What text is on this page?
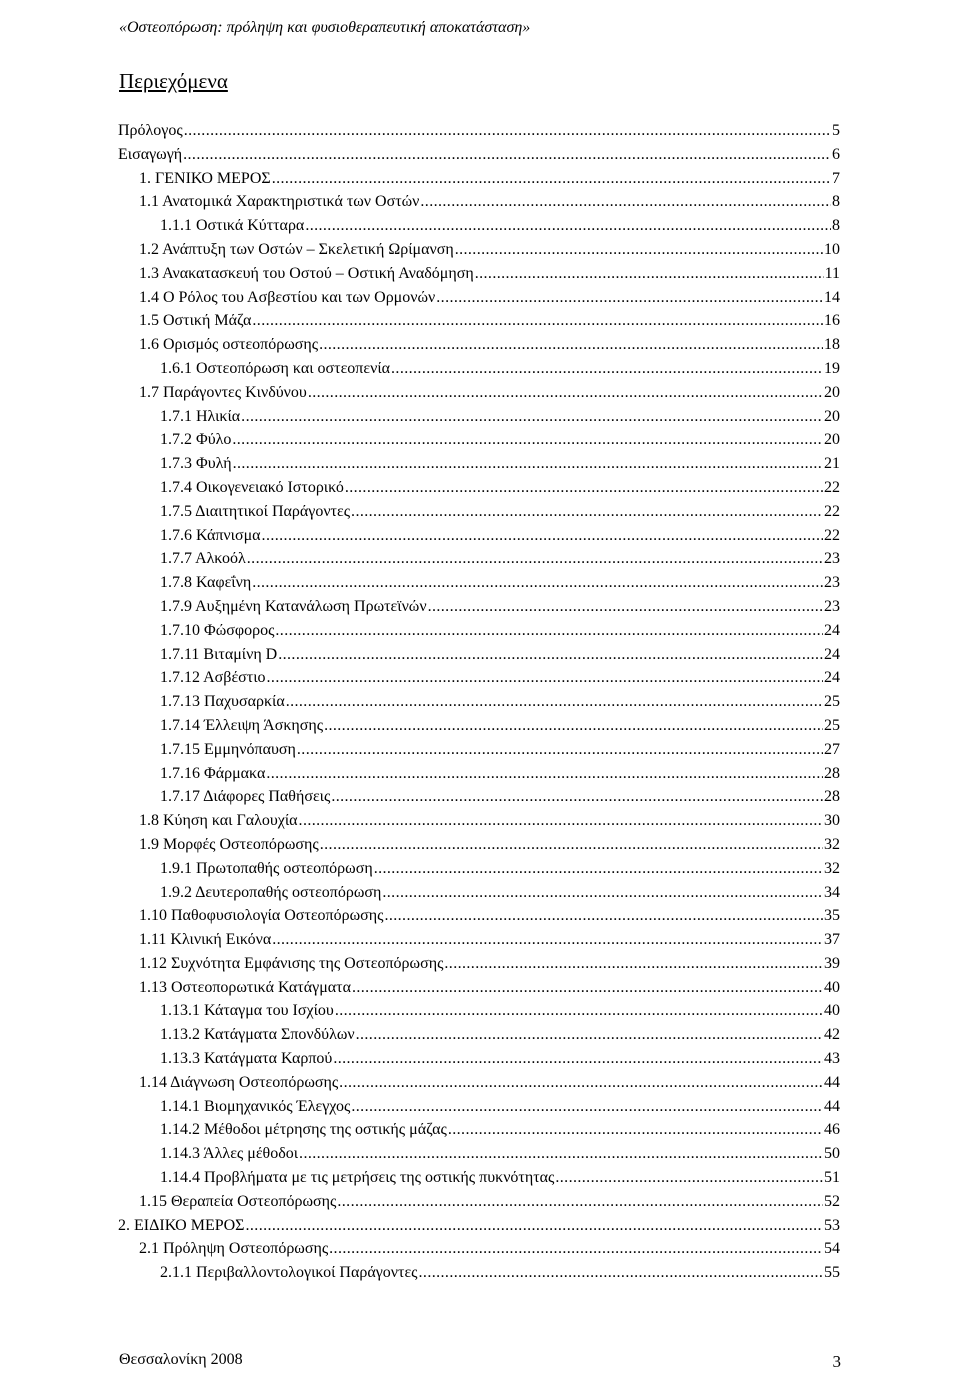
«Οστεοπόρωση: πρόληψη και φυσιοθεραπευτική αποκατάσταση»
Περιεχόμενα
Πρόλογος .....	5
Εισαγωγή .....	6
1. ΓΕΝΙΚΟ ΜΕΡΟΣ .....	7
1.1 Ανατομικά Χαρακτηριστικά των Οστών .....	8
1.1.1 Οστικά Κύτταρα .....	8
1.2 Ανάπτυξη των Οστών – Σκελετική Ωρίμανση .....	10
1.3 Ανακατασκευή του Οστού – Οστική Αναδόμηση .....	11
1.4 Ο Ρόλος του Ασβεστίου και των Ορμονών .....	14
1.5 Οστική Μάζα .....	16
1.6 Ορισμός οστεοπόρωσης .....	18
1.6.1 Οστεοπόρωση και οστεοπενία .....	19
1.7 Παράγοντες Κινδύνου .....	20
1.7.1 Ηλικία .....	20
1.7.2 Φύλο .....	20
1.7.3 Φυλή .....	21
1.7.4 Οικογενειακό Ιστορικό .....	22
1.7.5 Διαιτητικοί Παράγοντες .....	22
1.7.6 Κάπνισμα .....	22
1.7.7 Αλκοόλ .....	23
1.7.8 Καφεΐνη .....	23
1.7.9 Αυξημένη Κατανάλωση Πρωτεϊνών .....	23
1.7.10 Φώσφορος .....	24
1.7.11 Βιταμίνη D .....	24
1.7.12 Ασβέστιο .....	24
1.7.13 Παχυσαρκία .....	25
1.7.14 Έλλειψη Άσκησης .....	25
1.7.15 Εμμηνόπαυση .....	27
1.7.16 Φάρμακα .....	28
1.7.17 Διάφορες Παθήσεις .....	28
1.8 Κύηση και Γαλουχία .....	30
1.9 Μορφές Οστεοπόρωσης .....	32
1.9.1 Πρωτοπαθής οστεοπόρωση .....	32
1.9.2 Δευτεροπαθής οστεοπόρωση .....	34
1.10 Παθοφυσιολογία Οστεοπόρωσης .....	35
1.11 Κλινική Εικόνα .....	37
1.12 Συχνότητα Εμφάνισης της Οστεοπόρωσης .....	39
1.13 Οστεοπορωτικά Κατάγματα .....	40
1.13.1 Κάταγμα του Ισχίου .....	40
1.13.2 Κατάγματα Σπονδύλων .....	42
1.13.3 Κατάγματα Καρπού .....	43
1.14 Διάγνωση Οστεοπόρωσης .....	44
1.14.1 Βιομηχανικός Έλεγχος .....	44
1.14.2 Μέθοδοι μέτρησης της οστικής μάζας .....	46
1.14.3 Άλλες μέθοδοι .....	50
1.14.4 Προβλήματα με τις μετρήσεις της οστικής πυκνότητας .....	51
1.15 Θεραπεία Οστεοπόρωσης .....	52
2. ΕΙΔΙΚΟ ΜΕΡΟΣ .....	53
2.1 Πρόληψη Οστεοπόρωσης .....	54
2.1.1 Περιβαλλοντολογικοί Παράγοντες .....	55
Θεσσαλονίκη 2008	3
